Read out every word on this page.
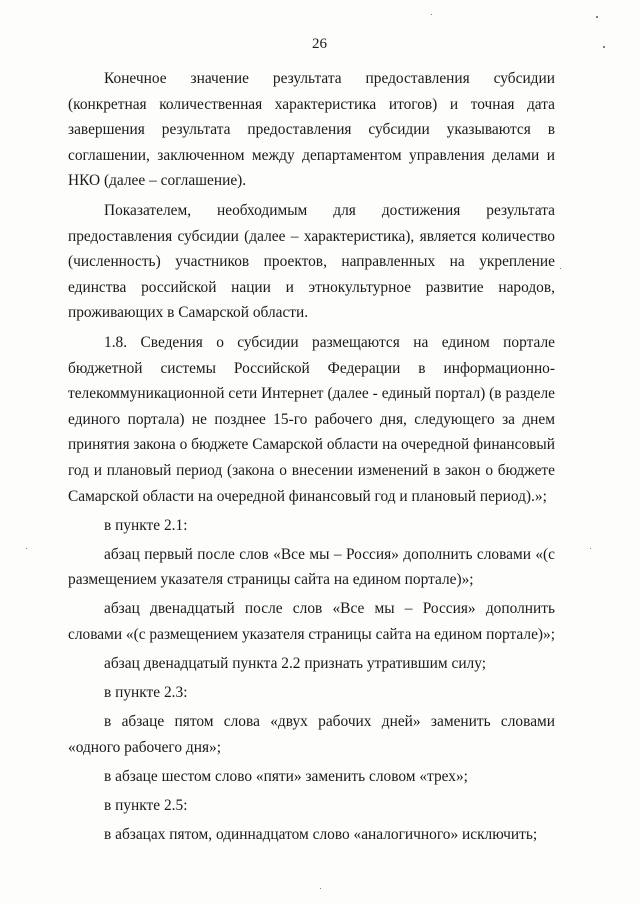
26

Конечное значение результата предоставления субсидии (конкретная количественная характеристика итогов) и точная дата завершения результата предоставления субсидии указываются в соглашении, заключенном между департаментом управления делами и НКО (далее – соглашение).

Показателем, необходимым для достижения результата предоставления субсидии (далее – характеристика), является количество (численность) участников проектов, направленных на укрепление единства российской нации и этнокультурное развитие народов, проживающих в Самарской области.

1.8. Сведения о субсидии размещаются на едином портале бюджетной системы Российской Федерации в информационно-телекоммуникационной сети Интернет (далее - единый портал) (в разделе единого портала) не позднее 15-го рабочего дня, следующего за днем принятия закона о бюджете Самарской области на очередной финансовый год и плановый период (закона о внесении изменений в закон о бюджете Самарской области на очередной финансовый год и плановый период).»;

в пункте 2.1:

абзац первый после слов «Все мы – Россия» дополнить словами «(с размещением указателя страницы сайта на едином портале)»;

абзац двенадцатый после слов «Все мы – Россия» дополнить словами «(с размещением указателя страницы сайта на едином портале)»;

абзац двенадцатый пункта 2.2 признать утратившим силу;

в пункте 2.3:

в абзаце пятом слова «двух рабочих дней» заменить словами «одного рабочего дня»;

в абзаце шестом слово «пяти» заменить словом «трех»;

в пункте 2.5:

в абзацах пятом, одиннадцатом слово «аналогичного» исключить;
